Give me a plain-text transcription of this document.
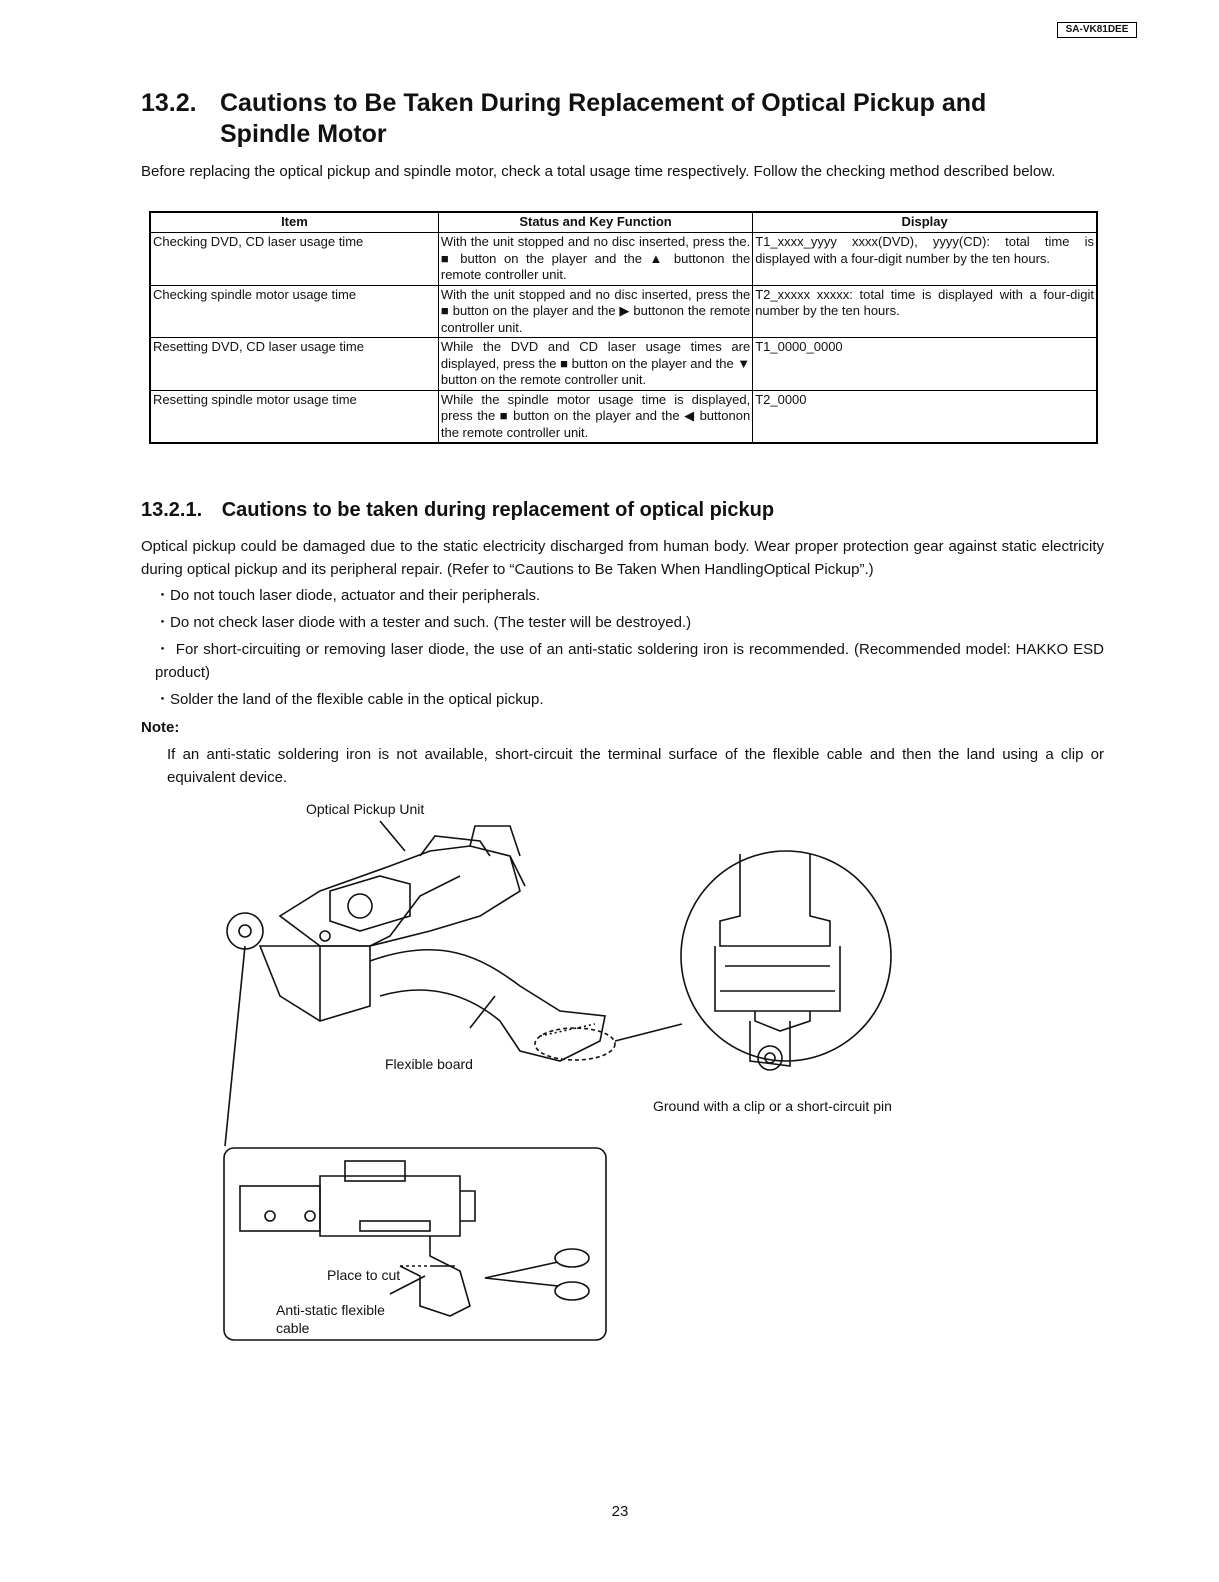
SA-VK81DEE
13.2. Cautions to Be Taken During Replacement of Optical Pickup and
Spindle Motor
Before replacing the optical pickup and spindle motor, check a total usage time respectively. Follow the checking method described below.
Item	Status and Key Function	Display
Checking DVD, CD laser usage time	With the unit stopped and no disc inserted, press the. ■ button on the player and the ▲ buttonon the remote controller unit.	T1_xxxx_yyyy xxxx(DVD), yyyy(CD): total time is displayed with a four-digit number by the ten hours.
Checking spindle motor usage time	With the unit stopped and no disc inserted, press the ■ button on the player and the ▶ buttonon the remote controller unit.	T2_xxxxx xxxxx: total time is displayed with a four-digit number by the ten hours.
Resetting DVD, CD laser usage time	While the DVD and CD laser usage times are displayed, press the ■ button on the player and the ▼ button on the remote controller unit.	T1_0000_0000
Resetting spindle motor usage time	While the spindle motor usage time is displayed, press the ■ button on the player and the ◀ buttonon the remote controller unit.	T2_0000
13.2.1. Cautions to be taken during replacement of optical pickup
Optical pickup could be damaged due to the static electricity discharged from human body. Wear proper protection gear against static electricity during optical pickup and its peripheral repair. (Refer to “Cautions to Be Taken When HandlingOptical Pickup”.)
・Do not touch laser diode, actuator and their peripherals.
・Do not check laser diode with a tester and such. (The tester will be destroyed.)
・ For short-circuiting or removing laser diode, the use of an anti-static soldering iron is recommended. (Recommended model: HAKKO ESD product)
・Solder the land of the flexible cable in the optical pickup.
Note:
If an anti-static soldering iron is not available, short-circuit the terminal surface of the flexible cable and then the land using a clip or equivalent device.
Optical Pickup Unit
Flexible board
Ground with a clip or a short-circuit pin
Place to cut
Anti-static flexible
cable
23
